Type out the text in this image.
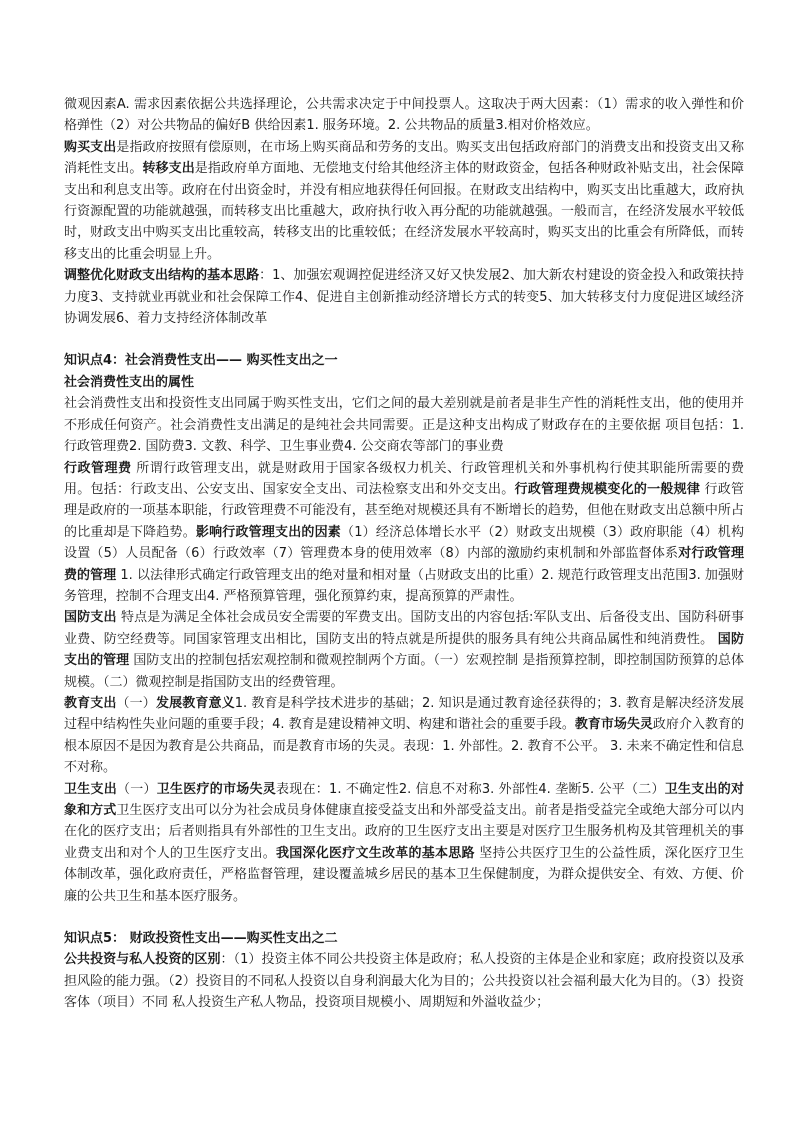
微观因素A. 需求因素依据公共选择理论，公共需求决定于中间投票人。这取决于两大因素：（1）需求的收入弹性和价格弹性（2）对公共物品的偏好B 供给因素1. 服务环境。2. 公共物品的质量3.相对价格效应。

购买支出是指政府按照有偿原则，在市场上购买商品和劳务的支出。购买支出包括政府部门的消费支出和投资支出又称消耗性支出。转移支出是指政府单方面地、无偿地支付给其他经济主体的财政资金，包括各种财政补贴支出，社会保障支出和利息支出等。政府在付出资金时，并没有相应地获得任何回报。在财政支出结构中，购买支出比重越大，政府执行资源配置的功能就越强，而转移支出比重越大，政府执行收入再分配的功能就越强。一般而言，在经济发展水平较低时，财政支出中购买支出比重较高，转移支出的比重较低；在经济发展水平较高时，购买支出的比重会有所降低，而转移支出的比重会明显上升。

调整优化财政支出结构的基本思路：1、加强宏观调控促进经济又好又快发展2、加大新农村建设的资金投入和政策扶持力度3、支持就业再就业和社会保障工作4、促进自主创新推动经济增长方式的转变5、加大转移支付力度促进区域经济协调发展6、着力支持经济体制改革

知识点4：社会消费性支出—— 购买性支出之一

社会消费性支出的属性

社会消费性支出和投资性支出同属于购买性支出，它们之间的最大差别就是前者是非生产性的消耗性支出，他的使用并不形成任何资产。社会消费性支出满足的是纯社会共同需要。正是这种支出构成了财政存在的主要依据 项目包括：1. 行政管理费2. 国防费3. 文教、科学、卫生事业费4. 公交商农等部门的事业费

行政管理费 所谓行政管理支出，就是财政用于国家各级权力机关、行政管理机关和外事机构行使其职能所需要的费用。包括：行政支出、公安支出、国家安全支出、司法检察支出和外交支出。行政管理费规模变化的一般规律 行政管理是政府的一项基本职能，行政管理费不可能没有，甚至绝对规模还具有不断增长的趋势，但他在财政支出总额中所占的比重却是下降趋势。影响行政管理支出的因素（1）经济总体增长水平（2）财政支出规模（3）政府职能（4）机构设置（5）人员配备（6）行政效率（7）管理费本身的使用效率（8）内部的激励约束机制和外部监督体系对行政管理费的管理 1. 以法律形式确定行政管理支出的绝对量和相对量（占财政支出的比重）2. 规范行政管理支出范围3. 加强财务管理，控制不合理支出4. 严格预算管理，强化预算约束，提高预算的严肃性。

国防支出 特点是为满足全体社会成员安全需要的军费支出。国防支出的内容包括:军队支出、后备役支出、国防科研事业费、防空经费等。同国家管理支出相比，国防支出的特点就是所提供的服务具有纯公共商品属性和纯消费性。 国防支出的管理 国防支出的控制包括宏观控制和微观控制两个方面。（一）宏观控制 是指预算控制，即控制国防预算的总体规模。（二）微观控制是指国防支出的经费管理。

教育支出（一）发展教育意义1. 教育是科学技术进步的基础；2. 知识是通过教育途径获得的；3. 教育是解决经济发展过程中结构性失业问题的重要手段；4. 教育是建设精神文明、构建和谐社会的重要手段。教育市场失灵政府介入教育的根本原因不是因为教育是公共商品，而是教育市场的失灵。表现：1. 外部性。2. 教育不公平。 3. 未来不确定性和信息不对称。

卫生支出（一）卫生医疗的市场失灵表现在：1. 不确定性2. 信息不对称3. 外部性4. 垄断5. 公平（二）卫生支出的对象和方式卫生医疗支出可以分为社会成员身体健康直接受益支出和外部受益支出。前者是指受益完全或绝大部分可以内在化的医疗支出；后者则指具有外部性的卫生支出。政府的卫生医疗支出主要是对医疗卫生服务机构及其管理机关的事业费支出和对个人的卫生医疗支出。我国深化医疗文生改革的基本思路 坚持公共医疗卫生的公益性质，深化医疗卫生体制改革，强化政府责任，严格监督管理，建设覆盖城乡居民的基本卫生保健制度，为群众提供安全、有效、方便、价廉的公共卫生和基本医疗服务。

知识点5： 财政投资性支出——购买性支出之二

公共投资与私人投资的区别：（1）投资主体不同公共投资主体是政府；私人投资的主体是企业和家庭；政府投资以及承担风险的能力强。（2）投资目的不同私人投资以自身利润最大化为目的；公共投资以社会福利最大化为目的。（3）投资客体（项目）不同 私人投资生产私人物品，投资项目规模小、周期短和外溢收益少；
